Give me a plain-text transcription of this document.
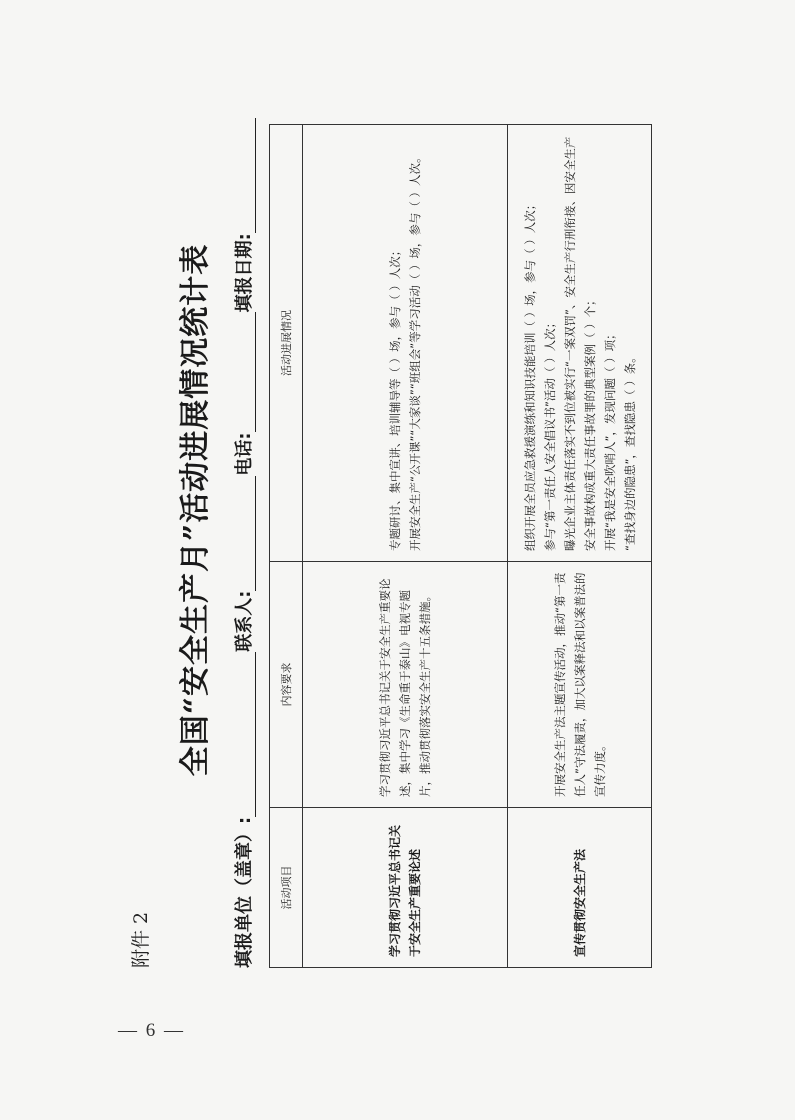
— 6 —
附件 2
全国“安全生产月”活动进展情况统计表
填报单位（盖章）:
联系人:
电话:
填报日期:
活动项目	内容要求	活动进展情况
学习贯彻习近平总书记关于安全生产重要论述	学习贯彻习近平总书记关于安全生产重要论述，集中学习《生命重于泰山》电视专题片，推动贯彻落实安全生产十五条措施。	专题研讨、集中宣讲、培训辅导等（ ）场，参与（ ）人次； 开展安全生产“公开课”“大家谈”“班组会”等学习活动（ ）场，参与（ ）人次。

宣传贯彻安全生产法	开展安全生产法主题宣传活动，推动“第一责任人”守法履责，加大以案释法和以案普法的宣传力度。	组织开展全员应急救援演练和知识技能培训（ ）场，参与（ ）人次； 参与“第一责任人安全倡议书”活动（ ）人次； 曝光企业主体责任落实不到位被实行“一案双罚”、安全生产行刑衔接、因安全生产安全事故构成重大责任事故罪的典型案例（ ）个； 开展“我是安全吹哨人”，发现问题（ ）项； “查找身边的隐患”，查找隐患（ ）条。
